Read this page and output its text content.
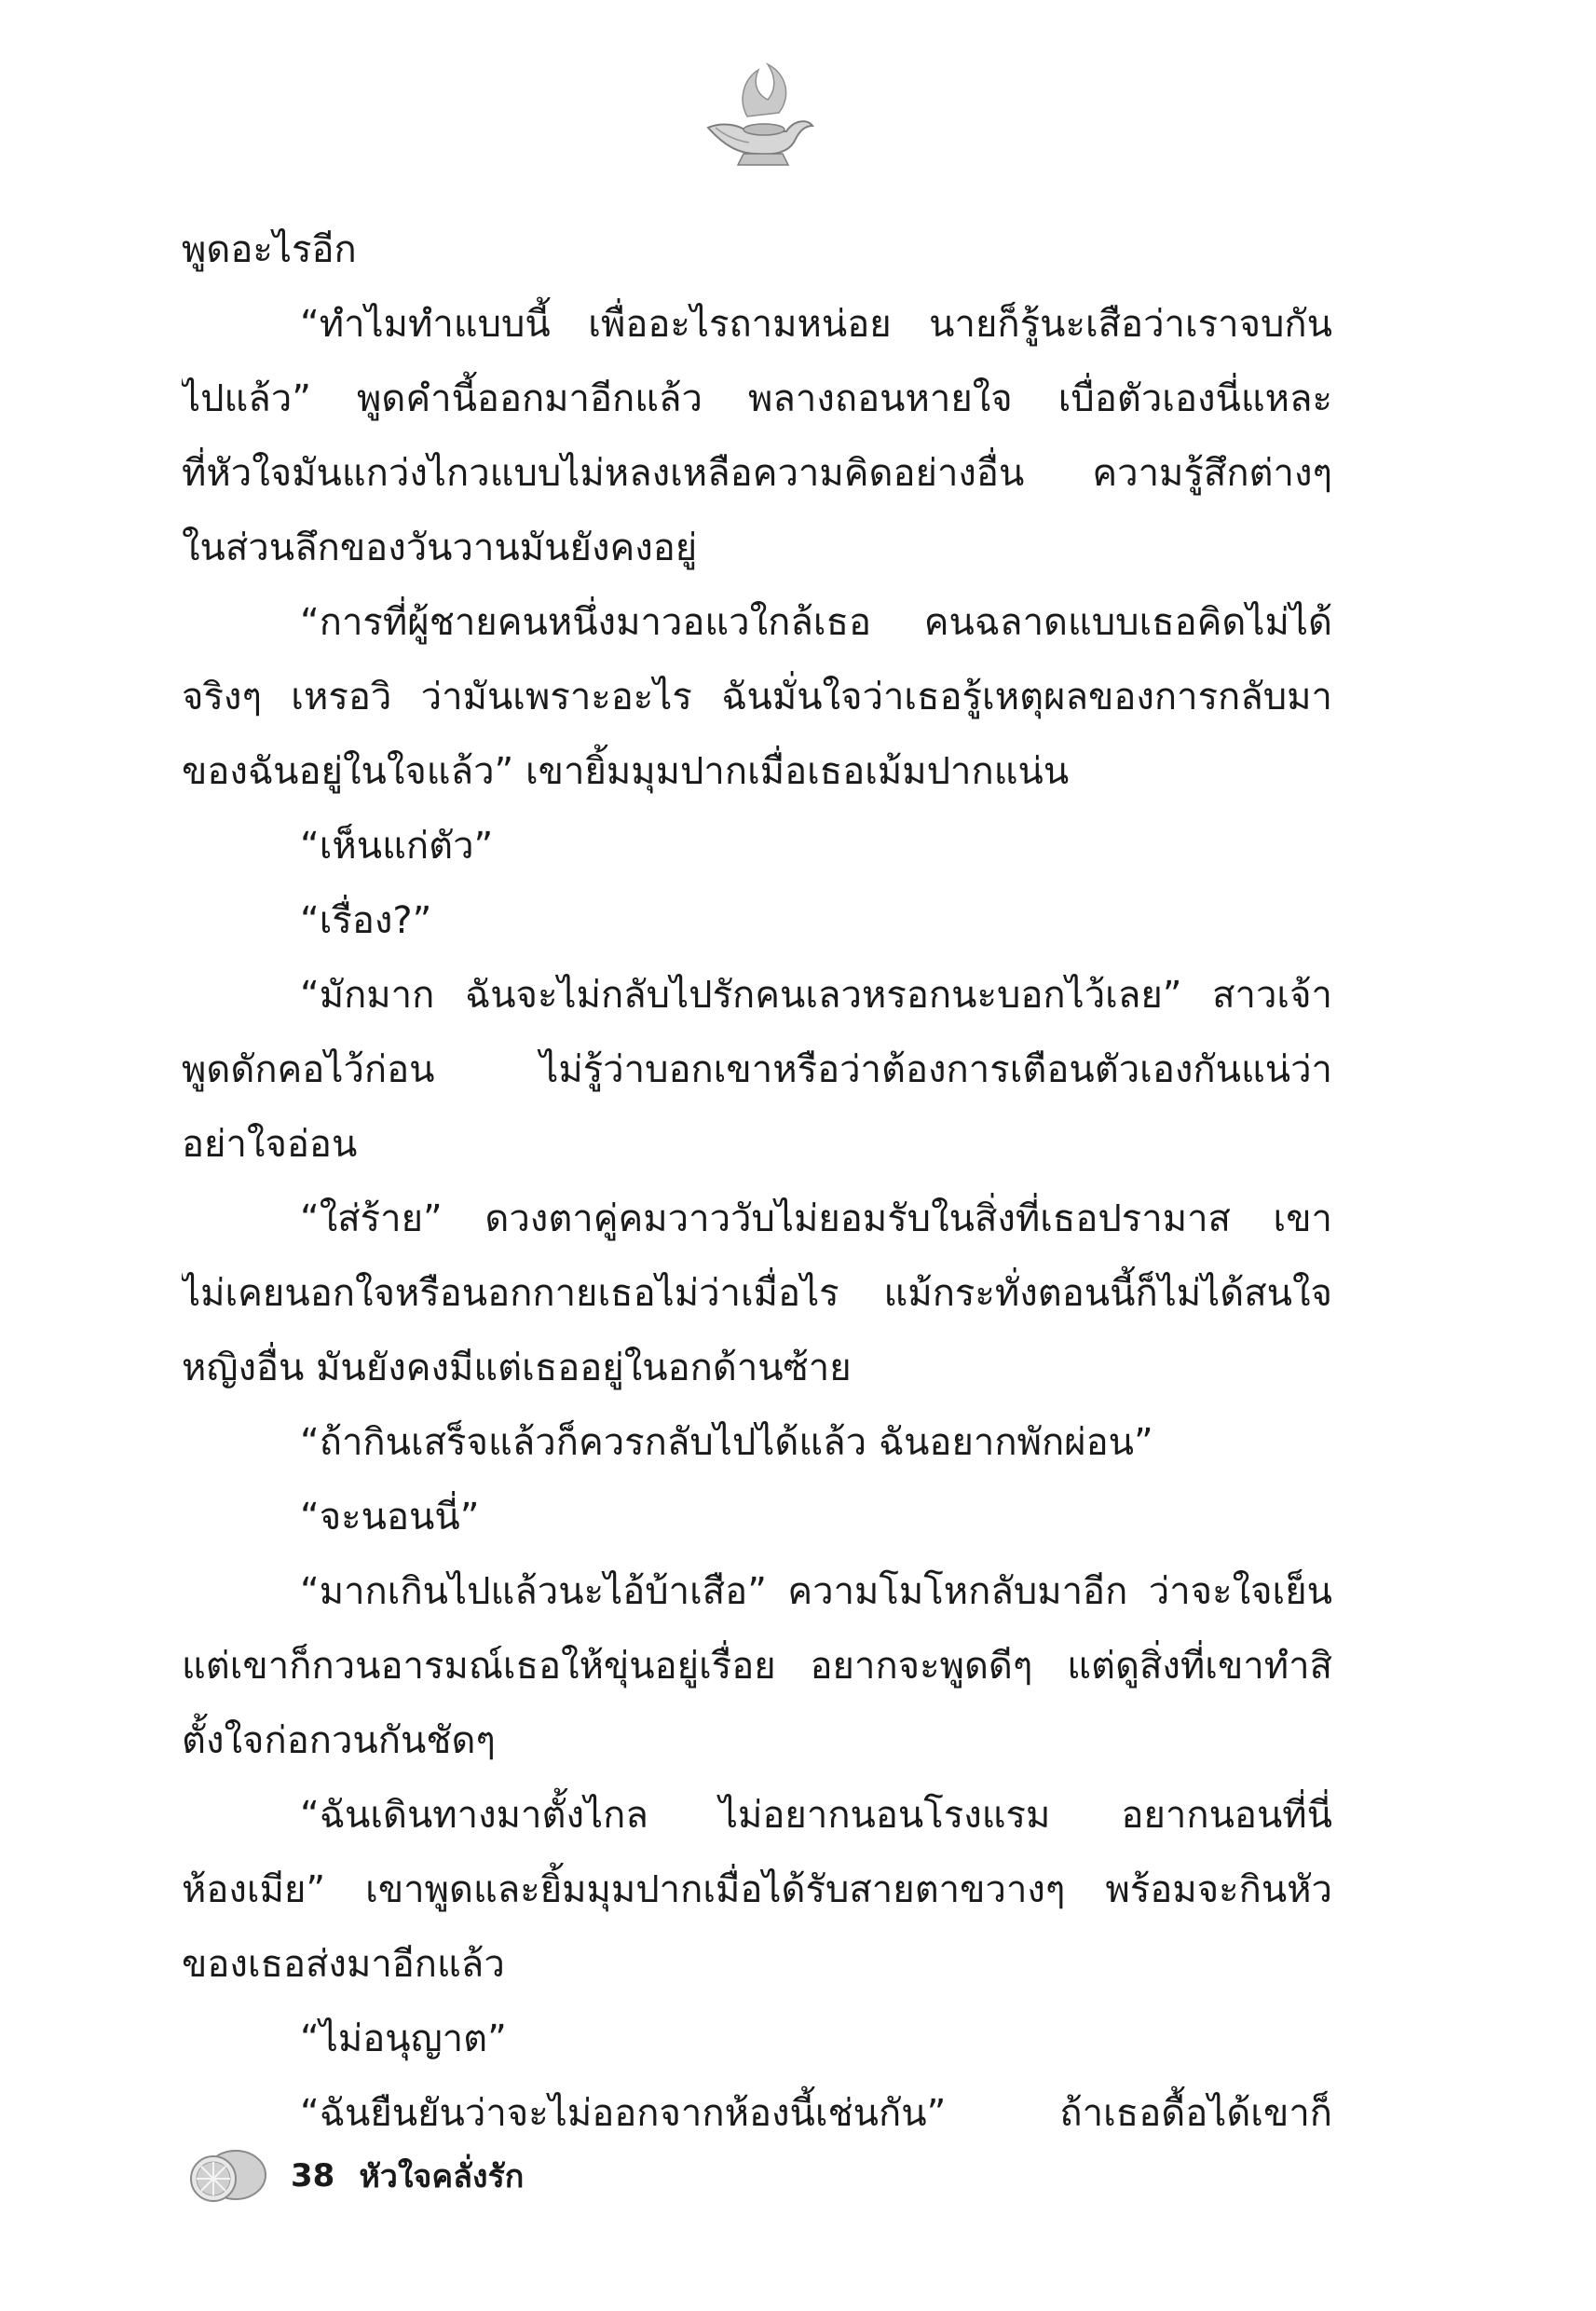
พูดอะไรอีก
“ทำไมทำแบบนี้ เพื่ออะไรถามหน่อย นายก็รู้นะเสือว่าเราจบกัน
ไปแล้ว” พูดคำนี้ออกมาอีกแล้ว พลางถอนหายใจ เบื่อตัวเองนี่แหละ
ที่หัวใจมันแกว่งไกวแบบไม่หลงเหลือความคิดอย่างอื่น ความรู้สึกต่างๆ
ในส่วนลึกของวันวานมันยังคงอยู่
“การที่ผู้ชายคนหนึ่งมาวอแวใกล้เธอ คนฉลาดแบบเธอคิดไม่ได้
จริงๆ เหรอวิ ว่ามันเพราะอะไร ฉันมั่นใจว่าเธอรู้เหตุผลของการกลับมา
ของฉันอยู่ในใจแล้ว” เขายิ้มมุมปากเมื่อเธอเม้มปากแน่น
“เห็นแก่ตัว”
“เรื่อง?”
“มักมาก ฉันจะไม่กลับไปรักคนเลวหรอกนะบอกไว้เลย” สาวเจ้า
พูดดักคอไว้ก่อน ไม่รู้ว่าบอกเขาหรือว่าต้องการเตือนตัวเองกันแน่ว่า
อย่าใจอ่อน
“ใส่ร้าย” ดวงตาคู่คมวาววับไม่ยอมรับในสิ่งที่เธอปรามาส เขา
ไม่เคยนอกใจหรือนอกกายเธอไม่ว่าเมื่อไร แม้กระทั่งตอนนี้ก็ไม่ได้สนใจ
หญิงอื่น มันยังคงมีแต่เธออยู่ในอกด้านซ้าย
“ถ้ากินเสร็จแล้วก็ควรกลับไปได้แล้ว ฉันอยากพักผ่อน”
“จะนอนนี่”
“มากเกินไปแล้วนะไอ้บ้าเสือ” ความโมโหกลับมาอีก ว่าจะใจเย็น
แต่เขาก็กวนอารมณ์เธอให้ขุ่นอยู่เรื่อย อยากจะพูดดีๆ แต่ดูสิ่งที่เขาทำสิ
ตั้งใจก่อกวนกันชัดๆ
“ฉันเดินทางมาตั้งไกล ไม่อยากนอนโรงแรม อยากนอนที่นี่
ห้องเมีย” เขาพูดและยิ้มมุมปากเมื่อได้รับสายตาขวางๆ พร้อมจะกินหัว
ของเธอส่งมาอีกแล้ว
“ไม่อนุญาต”
“ฉันยืนยันว่าจะไม่ออกจากห้องนี้เช่นกัน” ถ้าเธอดื้อได้เขาก็
38 หัวใจคลั่งรัก
